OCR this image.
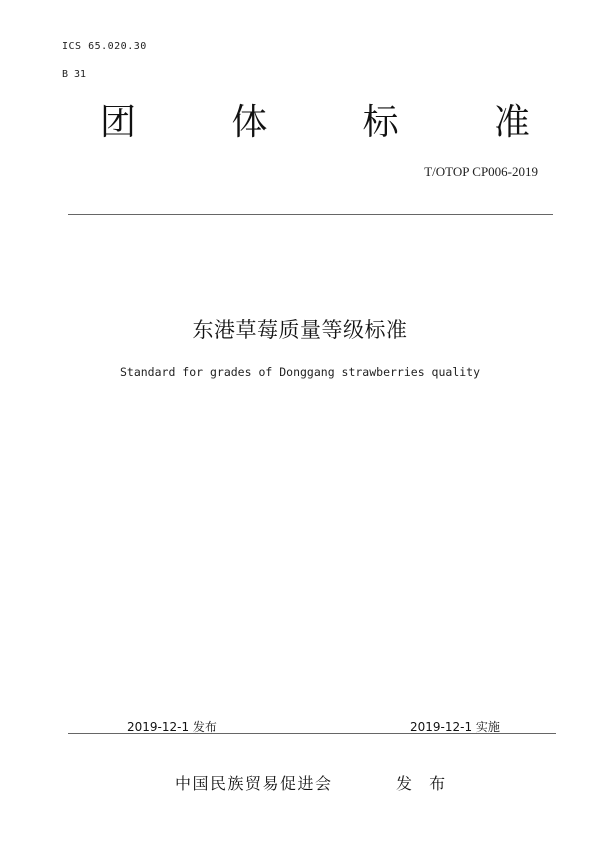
ICS 65.020.30
B 31
团	体	标	准
T/OTOP CP006-2019
东港草莓质量等级标准
Standard for grades of Donggang strawberries quality
2019-12-1 发布	2019-12-1 实施
中国民族贸易促进会	发 布
